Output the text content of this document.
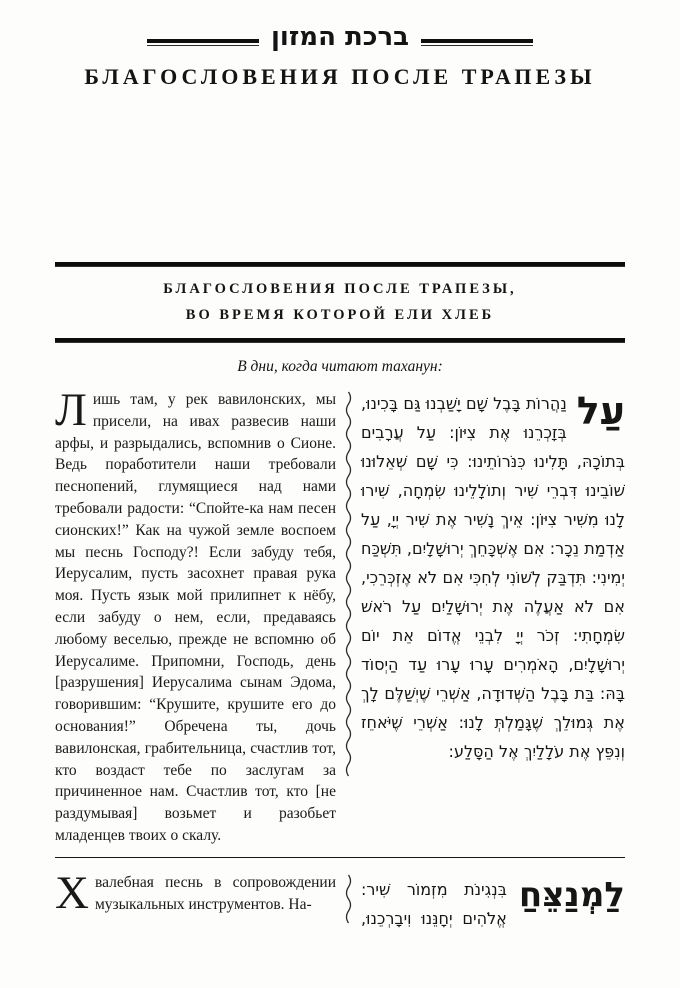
ברכת המזון
БЛАГОСЛОВЕНИЯ ПОСЛЕ ТРАПЕЗЫ
БЛАГОСЛОВЕНИЯ ПОСЛЕ ТРАПЕЗЫ,
ВО ВРЕМЯ КОТОРОЙ ЕЛИ ХЛЕБ
В дни, когда читают таханун:
Лишь там, у рек вавилонских, мы присели, на ивах развесив наши арфы, и разрыдались, вспомнив о Сионе. Ведь поработители наши требовали песнопений, глумящиеся над нами требовали радости: “Спойте-ка нам песен сионских!” Как на чужой земле воспоем мы песнь Господу?! Если забуду тебя, Иерусалим, пусть засохнет правая рука моя. Пусть язык мой прилипнет к нёбу, если забуду о нем, если, предаваясь любому веселью, прежде не вспомню об Иерусалиме. Припомни, Господь, день [разрушения] Иерусалима сынам Эдома, говорившим: “Крушите, крушите его до основания!” Обречена ты, дочь вавилонская, грабительница, счастлив тот, кто воздаст тебе по заслугам за причиненное нам. Счастлив тот, кто [не раздумывая] возьмет и разобьет младенцев твоих о скалу.
עַל
נַהֲרוֹת בָּבֶל שָׁם יָשַׁבְנוּ גַּם בָּכִינוּ, בְּזָכְרֵנוּ אֶת צִיּוֹן: עַל עֲרָבִים בְּתוֹכָהּ, תָּלִינוּ כִּנֹּרוֹתֵינוּ: כִּי שָׁם שְׁאֵלוּנוּ שׁוֹבֵינוּ דִּבְרֵי שִׁיר וְתוֹלָלֵינוּ שִׂמְחָה, שִׁירוּ לָנוּ מִשִּׁיר צִיּוֹן: אֵיךְ נָשִׁיר אֶת שִׁיר יְיָ, עַל אַדְמַת נֵכָר: אִם אֶשְׁכָּחֵךְ יְרוּשָׁלָיִם, תִּשְׁכַּח יְמִינִי: תִּדְבַּק לְשׁוֹנִי לְחִכִּי אִם לֹא אֶזְכְּרֵכִי, אִם לֹא אַעֲלֶה אֶת יְרוּשָׁלַיִם עַל רֹאשׁ שִׂמְחָתִי: זְכֹר יְיָ לִבְנֵי אֱדוֹם אֵת יוֹם יְרוּשָׁלָיִם, הָאֹמְרִים עָרוּ עָרוּ עַד הַיְסוֹד בָּהּ: בַּת בָּבֶל הַשְּׁדוּדָה, אַשְׁרֵי שֶׁיְשַׁלֶּם לָךְ אֶת גְּמוּלֵךְ שֶׁגָּמַלְתְּ לָנוּ: אַשְׁרֵי שֶׁיֹּאחֵז וְנִפֵּץ אֶת עֹלָלַיִךְ אֶל הַסָּלַע:
Хвалебная песнь в сопровождении музыкальных инструментов. На-	לַמְנַצֵּחַ
בִּנְגִינֹת מִזְמוֹר שִׁיר:
אֱלֹהִים יְחָנֵּנוּ וִיבָרְכֵנוּ,
